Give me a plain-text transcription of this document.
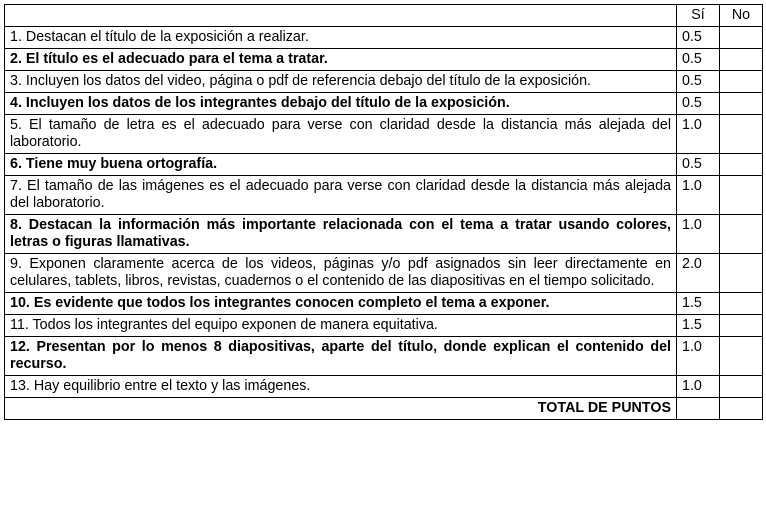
	Sí	No
1. Destacan el título de la exposición a realizar.	0.5	
2. El título es el adecuado para el tema a tratar.	0.5	
3. Incluyen los datos del video, página o pdf de referencia debajo del título de la exposición.	0.5	
4. Incluyen los datos de los integrantes debajo del título de la exposición.	0.5	
5. El tamaño de letra es el adecuado para verse con claridad desde la distancia más alejada del laboratorio.	1.0	
6. Tiene muy buena ortografía.	0.5	
7. El tamaño de las imágenes es el adecuado para verse con claridad desde la distancia más alejada del laboratorio.	1.0	
8. Destacan la información más importante relacionada con el tema a tratar usando colores, letras o figuras llamativas.	1.0	
9. Exponen claramente acerca de los videos, páginas y/o pdf asignados sin leer directamente en celulares, tablets, libros, revistas, cuadernos o el contenido de las diapositivas en el tiempo solicitado.	2.0	
10. Es evidente que todos los integrantes conocen completo el tema a exponer.	1.5	
11. Todos los integrantes del equipo exponen de manera equitativa.	1.5	
12. Presentan por lo menos 8 diapositivas, aparte del título, donde explican el contenido del recurso.	1.0	
13. Hay equilibrio entre el texto y las imágenes.	1.0	
TOTAL DE PUNTOS		
